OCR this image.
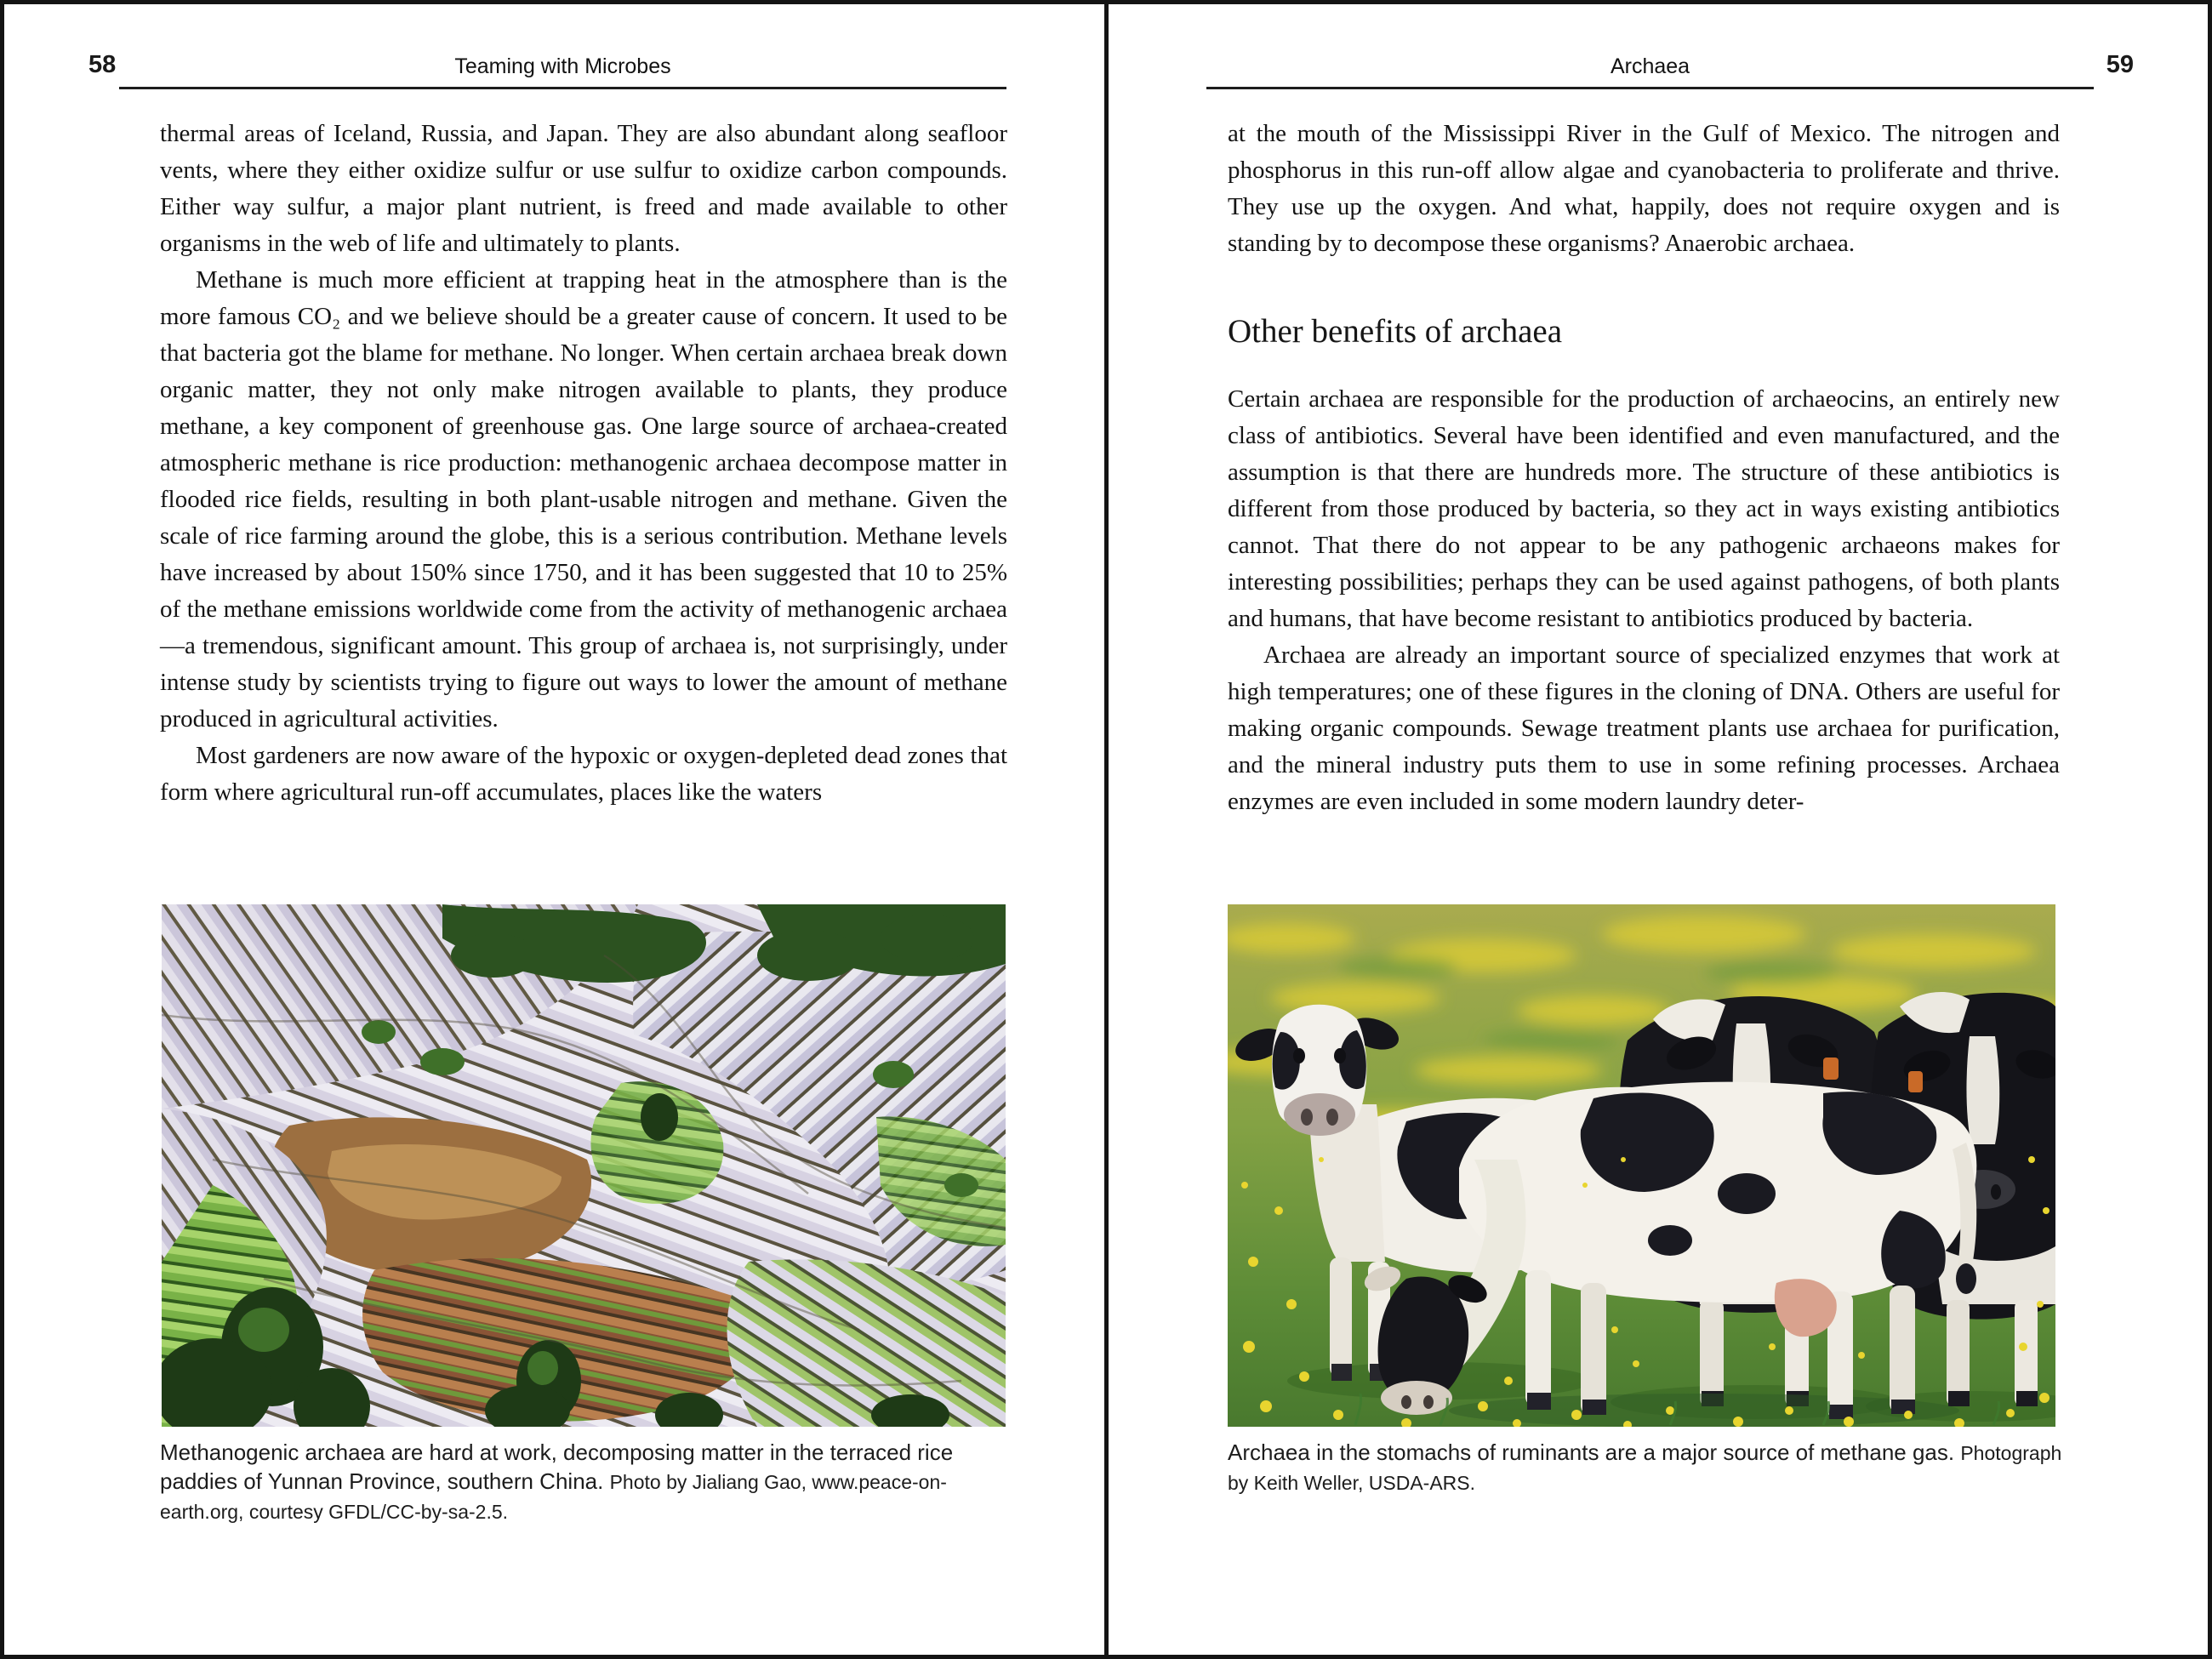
58	Teaming with Microbes

thermal areas of Iceland, Russia, and Japan. They are also abundant along seafloor vents, where they either oxidize sulfur or use sulfur to oxidize carbon compounds. Either way sulfur, a major plant nutrient, is freed and made available to other organisms in the web of life and ultimately to plants.

Methane is much more efficient at trapping heat in the atmosphere than is the more famous CO₂ and we believe should be a greater cause of concern. It used to be that bacteria got the blame for methane. No longer. When certain archaea break down organic matter, they not only make nitrogen available to plants, they produce methane, a key component of greenhouse gas. One large source of archaea-created atmospheric methane is rice production: methanogenic archaea decompose matter in flooded rice fields, resulting in both plant-usable nitrogen and methane. Given the scale of rice farming around the globe, this is a serious contribution. Methane levels have increased by about 150% since 1750, and it has been suggested that 10 to 25% of the methane emissions worldwide come from the activity of methanogenic archaea—a tremendous, significant amount. This group of archaea is, not surprisingly, under intense study by scientists trying to figure out ways to lower the amount of methane produced in agricultural activities.

Most gardeners are now aware of the hypoxic or oxygen-depleted dead zones that form where agricultural run-off accumulates, places like the waters

Methanogenic archaea are hard at work, decomposing matter in the terraced rice paddies of Yunnan Province, southern China. Photo by Jialiang Gao, www.peace-on-earth.org, courtesy GFDL/CC-by-sa-2.5.
59
Archaea

at the mouth of the Mississippi River in the Gulf of Mexico. The nitrogen and phosphorus in this run-off allow algae and cyanobacteria to proliferate and thrive. They use up the oxygen. And what, happily, does not require oxygen and is standing by to decompose these organisms? Anaerobic archaea.

Other benefits of archaea

Certain archaea are responsible for the production of archaeocins, an entirely new class of antibiotics. Several have been identified and even manufactured, and the assumption is that there are hundreds more. The structure of these antibiotics is different from those produced by bacteria, so they act in ways existing antibiotics cannot. That there do not appear to be any pathogenic archaeons makes for interesting possibilities; perhaps they can be used against pathogens, of both plants and humans, that have become resistant to antibiotics produced by bacteria.

Archaea are already an important source of specialized enzymes that work at high temperatures; one of these figures in the cloning of DNA. Others are useful for making organic compounds. Sewage treatment plants use archaea for purification, and the mineral industry puts them to use in some refining processes. Archaea enzymes are even included in some modern laundry deter-

Archaea in the stomachs of ruminants are a major source of methane gas. Photograph by Keith Weller, USDA-ARS.
